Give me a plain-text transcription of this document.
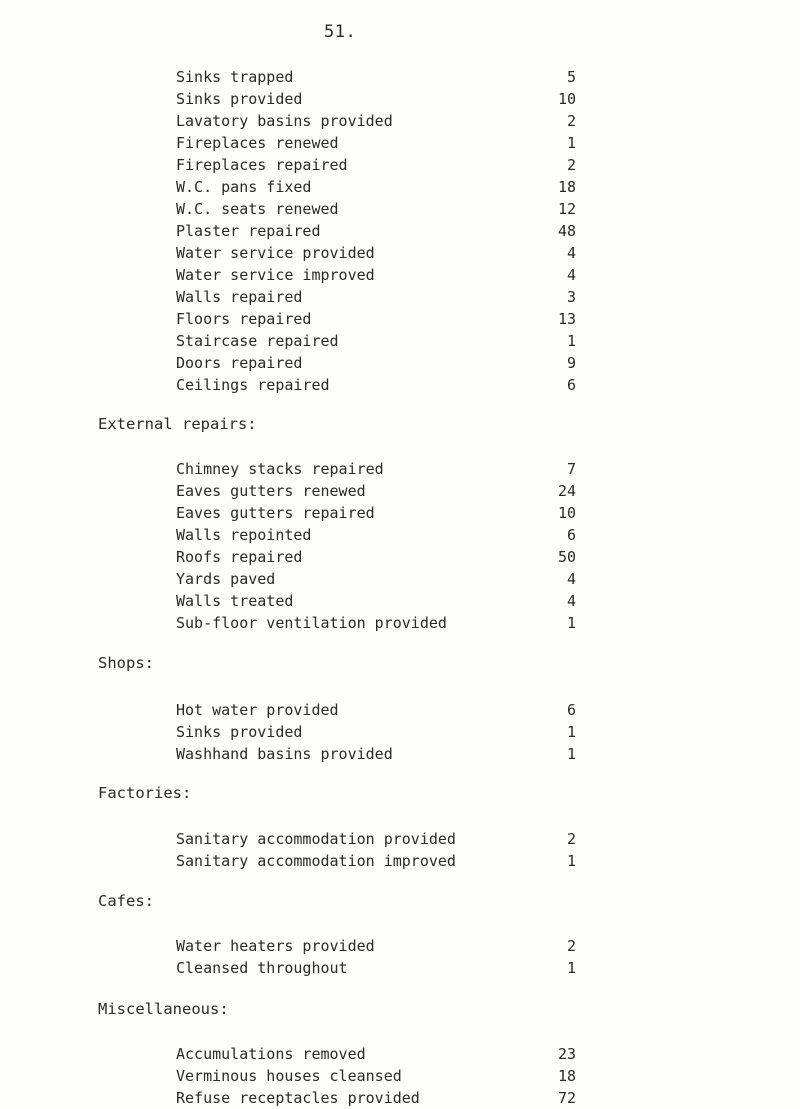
51.
Sinks trapped	5
Sinks provided	10
Lavatory basins provided	2
Fireplaces renewed	1
Fireplaces repaired	2
W.C. pans fixed	18
W.C. seats renewed	12
Plaster repaired	48
Water service provided	4
Water service improved	4
Walls repaired	3
Floors repaired	13
Staircase repaired	1
Doors repaired	9
Ceilings repaired	6
External repairs:
Chimney stacks repaired	7
Eaves gutters renewed	24
Eaves gutters repaired	10
Walls repointed	6
Roofs repaired	50
Yards paved	4
Walls treated	4
Sub-floor ventilation provided	1
Shops:
Hot water provided	6
Sinks provided	1
Washhand basins provided	1
Factories:
Sanitary accommodation provided	2
Sanitary accommodation improved	1
Cafes:
Water heaters provided	2
Cleansed throughout	1
Miscellaneous:
Accumulations removed	23
Verminous houses cleansed	18
Refuse receptacles provided	72
